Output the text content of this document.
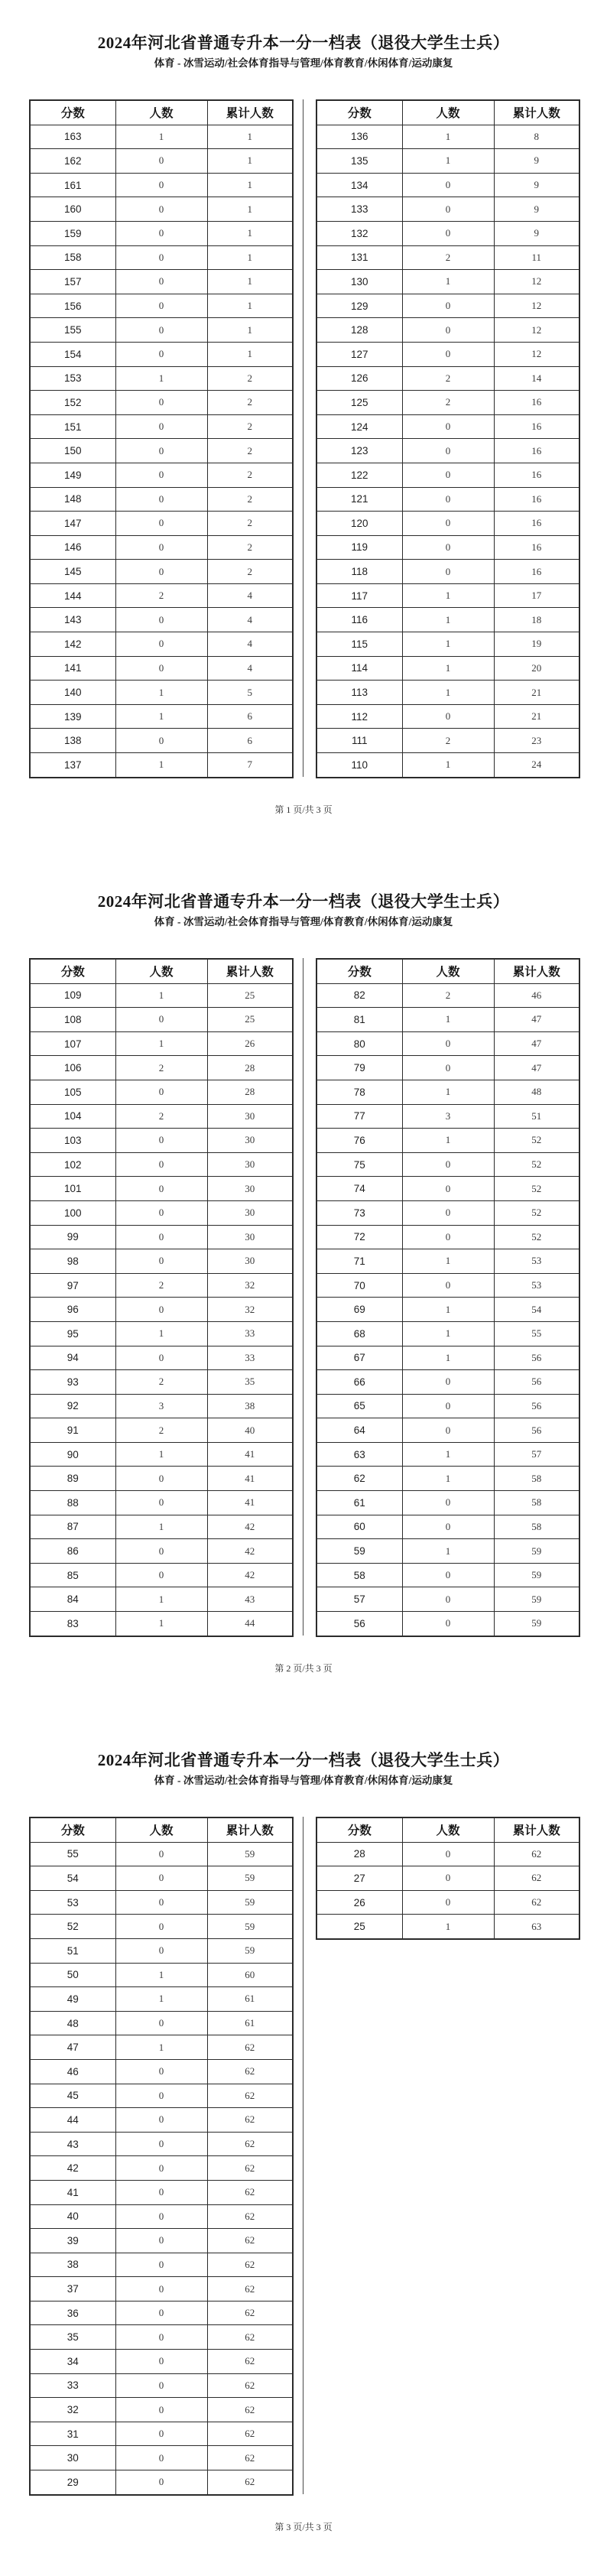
2024年河北省普通专升本一分一档表（退役大学生士兵）
体育 - 冰雪运动/社会体育指导与管理/体育教育/休闲体育/运动康复
分数	人数	累计人数
163	1	1
162	0	1
161	0	1
160	0	1
159	0	1
158	0	1
157	0	1
156	0	1
155	0	1
154	0	1
153	1	2
152	0	2
151	0	2
150	0	2
149	0	2
148	0	2
147	0	2
146	0	2
145	0	2
144	2	4
143	0	4
142	0	4
141	0	4
140	1	5
139	1	6
138	0	6
137	1	7
分数	人数	累计人数
136	1	8
135	1	9
134	0	9
133	0	9
132	0	9
131	2	11
130	1	12
129	0	12
128	0	12
127	0	12
126	2	14
125	2	16
124	0	16
123	0	16
122	0	16
121	0	16
120	0	16
119	0	16
118	0	16
117	1	17
116	1	18
115	1	19
114	1	20
113	1	21
112	0	21
111	2	23
110	1	24
第 1 页/共 3 页
2024年河北省普通专升本一分一档表（退役大学生士兵）
体育 - 冰雪运动/社会体育指导与管理/体育教育/休闲体育/运动康复
分数	人数	累计人数
109	1	25
108	0	25
107	1	26
106	2	28
105	0	28
104	2	30
103	0	30
102	0	30
101	0	30
100	0	30
99	0	30
98	0	30
97	2	32
96	0	32
95	1	33
94	0	33
93	2	35
92	3	38
91	2	40
90	1	41
89	0	41
88	0	41
87	1	42
86	0	42
85	0	42
84	1	43
83	1	44
分数	人数	累计人数
82	2	46
81	1	47
80	0	47
79	0	47
78	1	48
77	3	51
76	1	52
75	0	52
74	0	52
73	0	52
72	0	52
71	1	53
70	0	53
69	1	54
68	1	55
67	1	56
66	0	56
65	0	56
64	0	56
63	1	57
62	1	58
61	0	58
60	0	58
59	1	59
58	0	59
57	0	59
56	0	59
第 2 页/共 3 页
2024年河北省普通专升本一分一档表（退役大学生士兵）
体育 - 冰雪运动/社会体育指导与管理/体育教育/休闲体育/运动康复
分数	人数	累计人数
55	0	59
54	0	59
53	0	59
52	0	59
51	0	59
50	1	60
49	1	61
48	0	61
47	1	62
46	0	62
45	0	62
44	0	62
43	0	62
42	0	62
41	0	62
40	0	62
39	0	62
38	0	62
37	0	62
36	0	62
35	0	62
34	0	62
33	0	62
32	0	62
31	0	62
30	0	62
29	0	62
分数	人数	累计人数
28	0	62
27	0	62
26	0	62
25	1	63
第 3 页/共 3 页
